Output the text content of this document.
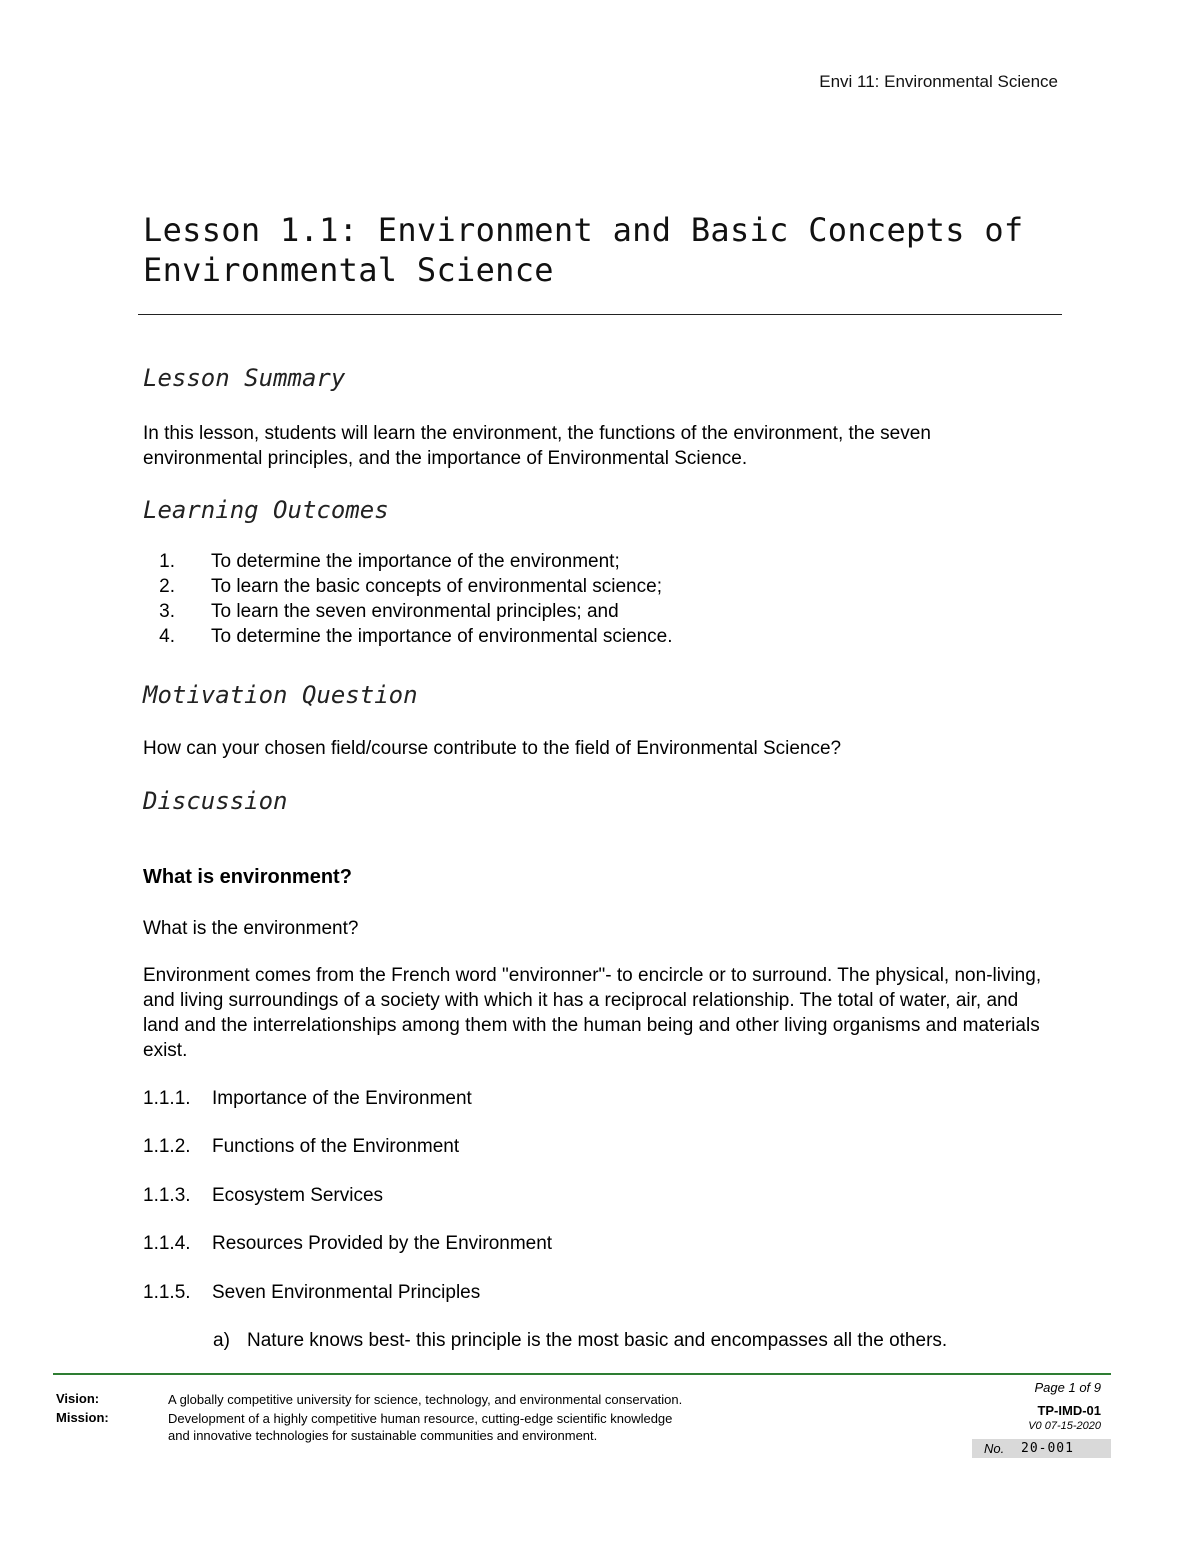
Envi 11: Environmental Science
Lesson 1.1: Environment and Basic Concepts of Environmental Science
Lesson Summary

In this lesson, students will learn the environment, the functions of the environment, the seven environmental principles, and the importance of Environmental Science.

Learning Outcomes
1.	To determine the importance of the environment;
2.	To learn the basic concepts of environmental science;
3.	To learn the seven environmental principles; and
4.	To determine the importance of environmental science.
Motivation Question

How can your chosen field/course contribute to the field of Environmental Science?

Discussion
What is environment?

What is the environment?

Environment comes from the French word "environner"- to encircle or to surround. The physical, non-living, and living surroundings of a society with which it has a reciprocal relationship. The total of water, air, and land and the interrelationships among them with the human being and other living organisms and materials exist.

1.1.1. Importance of the Environment
1.1.2. Functions of the Environment
1.1.3. Ecosystem Services
1.1.4. Resources Provided by the Environment
1.1.5. Seven Environmental Principles
a) Nature knows best- this principle is the most basic and encompasses all the others.
Vision:	A globally competitive university for science, technology, and environmental conservation.
Mission:	Development of a highly competitive human resource, cutting-edge scientific knowledge
and innovative technologies for sustainable communities and environment.
Page 1 of 9
TP-IMD-01
V0 07-15-2020
No. 20-001
